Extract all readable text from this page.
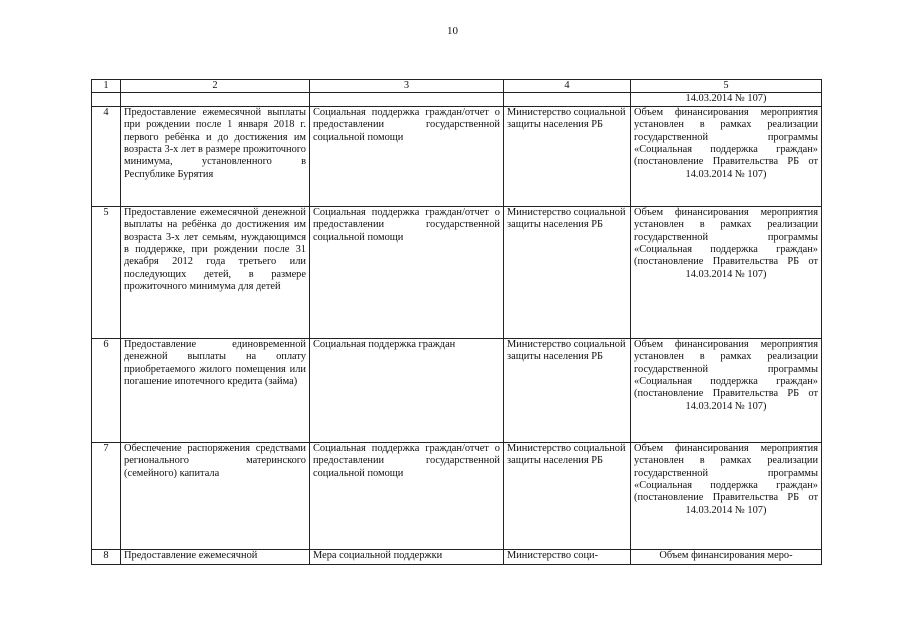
10
1	2	3	4	5
				14.03.2014 № 107)
4	Предоставление ежемесячной выплаты при рождении после 1 января 2018 г. первого ребёнка и до достижения им возраста 3-х лет в размере прожиточного минимума, установленного в Республике Бурятия	Социальная поддержка граждан/отчет о предоставлении государственной социальной помощи	Министерство социальной защиты населения РБ	Объем финансирования мероприятия установлен в рамках реализации государственной программы «Социальная поддержка граждан» (постановление Правительства РБ от 14.03.2014 № 107)
5	Предоставление ежемесячной денежной выплаты на ребёнка до достижения им возраста 3-х лет семьям, нуждающимся в поддержке, при рождении после 31 декабря 2012 года третьего или последующих детей, в размере прожиточного минимума для детей	Социальная поддержка граждан/отчет о предоставлении государственной социальной помощи	Министерство социальной защиты населения РБ	Объем финансирования мероприятия установлен в рамках реализации государственной программы «Социальная поддержка граждан» (постановление Правительства РБ от 14.03.2014 № 107)
6	Предоставление единовременной денежной выплаты на оплату приобретаемого жилого помещения или погашение ипотечного кредита (займа)	Социальная поддержка граждан	Министерство социальной защиты населения РБ	Объем финансирования мероприятия установлен в рамках реализации государственной программы «Социальная поддержка граждан» (постановление Правительства РБ от 14.03.2014 № 107)
7	Обеспечение распоряжения средствами регионального материнского (семейного) капитала	Социальная поддержка граждан/отчет о предоставлении государственной социальной помощи	Министерство социальной защиты населения РБ	Объем финансирования мероприятия установлен в рамках реализации государственной программы «Социальная поддержка граждан» (постановление Правительства РБ от 14.03.2014 № 107)
8	Предоставление ежемесячной	Мера социальной поддержки	Министерство соци-	Объем финансирования меро-
